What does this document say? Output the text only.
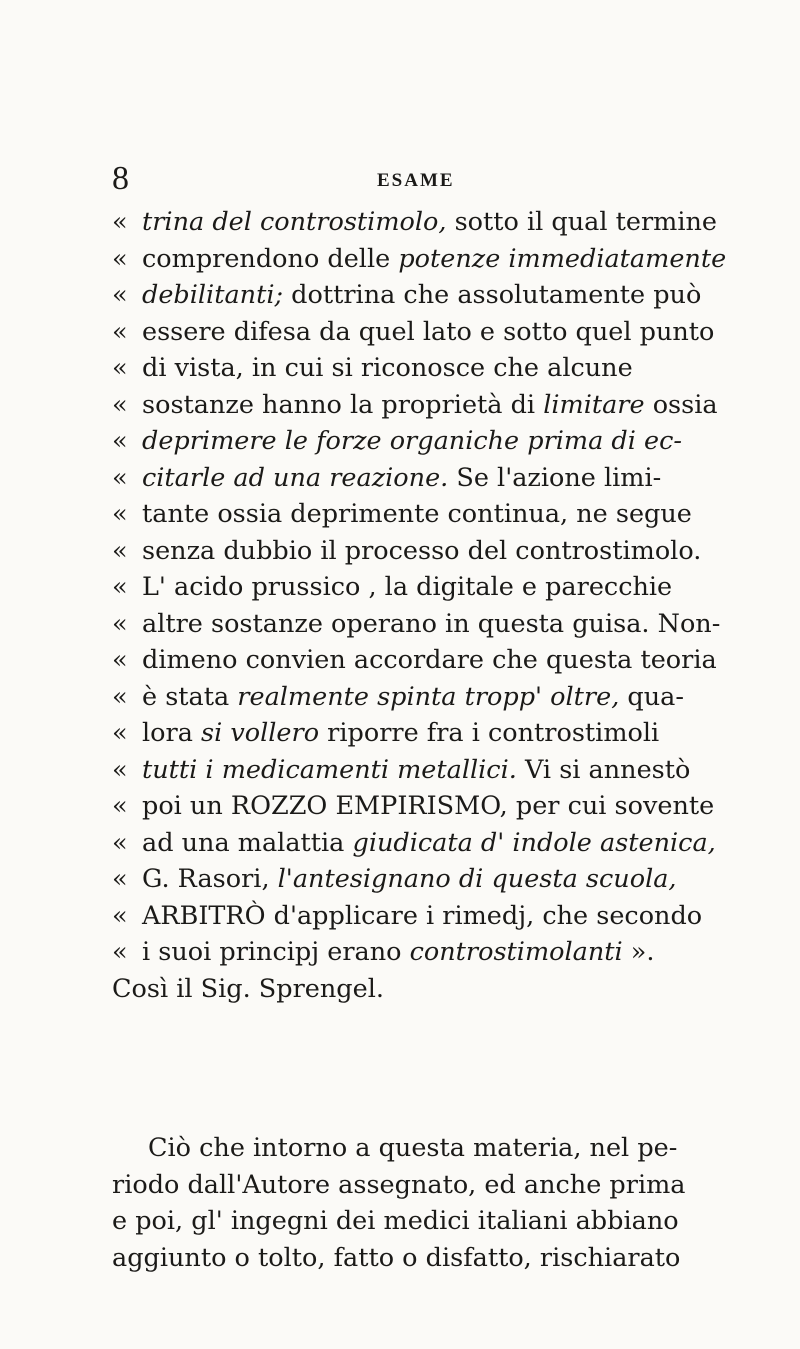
8	ESAME
« trina del controstimolo, sotto il qual termine
« comprendono delle potenze immediatamente
« debilitanti; dottrina che assolutamente può
« essere difesa da quel lato e sotto quel punto
« di vista, in cui si riconosce che alcune
« sostanze hanno la proprietà di limitare ossia
« deprimere le forze organiche prima di ec-
« citarle ad una reazione. Se l'azione limi-
« tante ossia deprimente continua, ne segue
« senza dubbio il processo del controstimolo.
« L' acido prussico , la digitale e parecchie
« altre sostanze operano in questa guisa. Non-
« dimeno convien accordare che questa teoria
« è stata realmente spinta tropp' oltre, qua-
« lora si vollero riporre fra i controstimoli
« tutti i medicamenti metallici. Vi si annestò
« poi un ROZZO EMPIRISMO, per cui sovente
« ad una malattia giudicata d' indole astenica,
« G. Rasori, l'antesignano di questa scuola,
« ARBITRÒ d'applicare i rimedj, che secondo
« i suoi principj erano controstimolanti ».
Così il Sig. Sprengel.
Ciò che intorno a questa materia, nel pe-
riodo dall'Autore assegnato, ed anche prima
e poi, gl' ingegni dei medici italiani abbiano
aggiunto o tolto, fatto o disfatto, rischiarato
